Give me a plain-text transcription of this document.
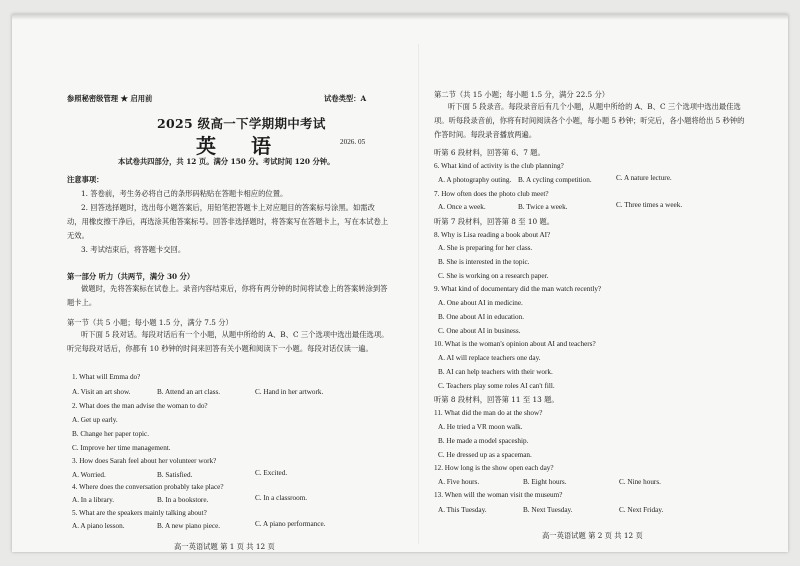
参照秘密级管理 ★ 启用前	试卷类型：A
2025 级高一下学期期中考试
英 语	2026. 05
本试卷共四部分，共 12 页。满分 150 分。考试时间 120 分钟。
注意事项：
1. 答卷前，考生务必将自己的条形码粘贴在答题卡相应的位置。
2. 回答选择题时，选出每小题答案后，用铅笔把答题卡上对应题目的答案标号涂黑。如需改动，用橡皮擦干净后，再选涂其他答案标号。回答非选择题时，将答案写在答题卡上，写在本试卷上无效。
3. 考试结束后，将答题卡交回。
第一部分 听力（共两节，满分 30 分）
做题时，先将答案标在试卷上。录音内容结束后，你将有两分钟的时间将试卷上的答案转涂到答题卡上。
第一节（共 5 小题；每小题 1.5 分，满分 7.5 分）
听下面 5 段对话。每段对话后有一个小题，从题中所给的 A、B、C 三个选项中选出最佳选项。听完每段对话后，你都有 10 秒钟的时间来回答有关小题和阅读下一小题。每段对话仅读一遍。
1. What will Emma do?
A. Visit an art show.	B. Attend an art class.	C. Hand in her artwork.
2. What does the man advise the woman to do?
A. Get up early.
B. Change her paper topic.
C. Improve her time management.
3. How does Sarah feel about her volunteer work?
A. Worried.	B. Satisfied.	C. Excited.
4. Where does the conversation probably take place?
A. In a library.	B. In a bookstore.	C. In a classroom.
5. What are the speakers mainly talking about?
A. A piano lesson.	B. A new piano piece.	C. A piano performance.
高一英语试题 第 1 页 共 12 页
第二节（共 15 小题；每小题 1.5 分，满分 22.5 分）
听下面 5 段录音。每段录音后有几个小题，从题中所给的 A、B、C 三个选项中选出最佳选项。听每段录音前，你将有时间阅读各个小题，每小题 5 秒钟；听完后，各小题将给出 5 秒钟的作答时间。每段录音播放两遍。
听第 6 段材料，回答第 6、7 题。
6. What kind of activity is the club planning?
A. A photography outing. B. A cycling competition.	C. A nature lecture.
7. How often does the photo club meet?
A. Once a week.	B. Twice a week.	C. Three times a week.
听第 7 段材料，回答第 8 至 10 题。
8. Why is Lisa reading a book about AI?
A. She is preparing for her class.
B. She is interested in the topic.
C. She is working on a research paper.
9. What kind of documentary did the man watch recently?
A. One about AI in medicine.
B. One about AI in education.
C. One about AI in business.
10. What is the woman's opinion about AI and teachers?
A. AI will replace teachers one day.
B. AI can help teachers with their work.
C. Teachers play some roles AI can't fill.
听第 8 段材料，回答第 11 至 13 题。
11. What did the man do at the show?
A. He tried a VR moon walk.
B. He made a model spaceship.
C. He dressed up as a spaceman.
12. How long is the show open each day?
A. Five hours.	B. Eight hours.	C. Nine hours.
13. When will the woman visit the museum?
A. This Tuesday.	B. Next Tuesday.	C. Next Friday.
高一英语试题 第 2 页 共 12 页
